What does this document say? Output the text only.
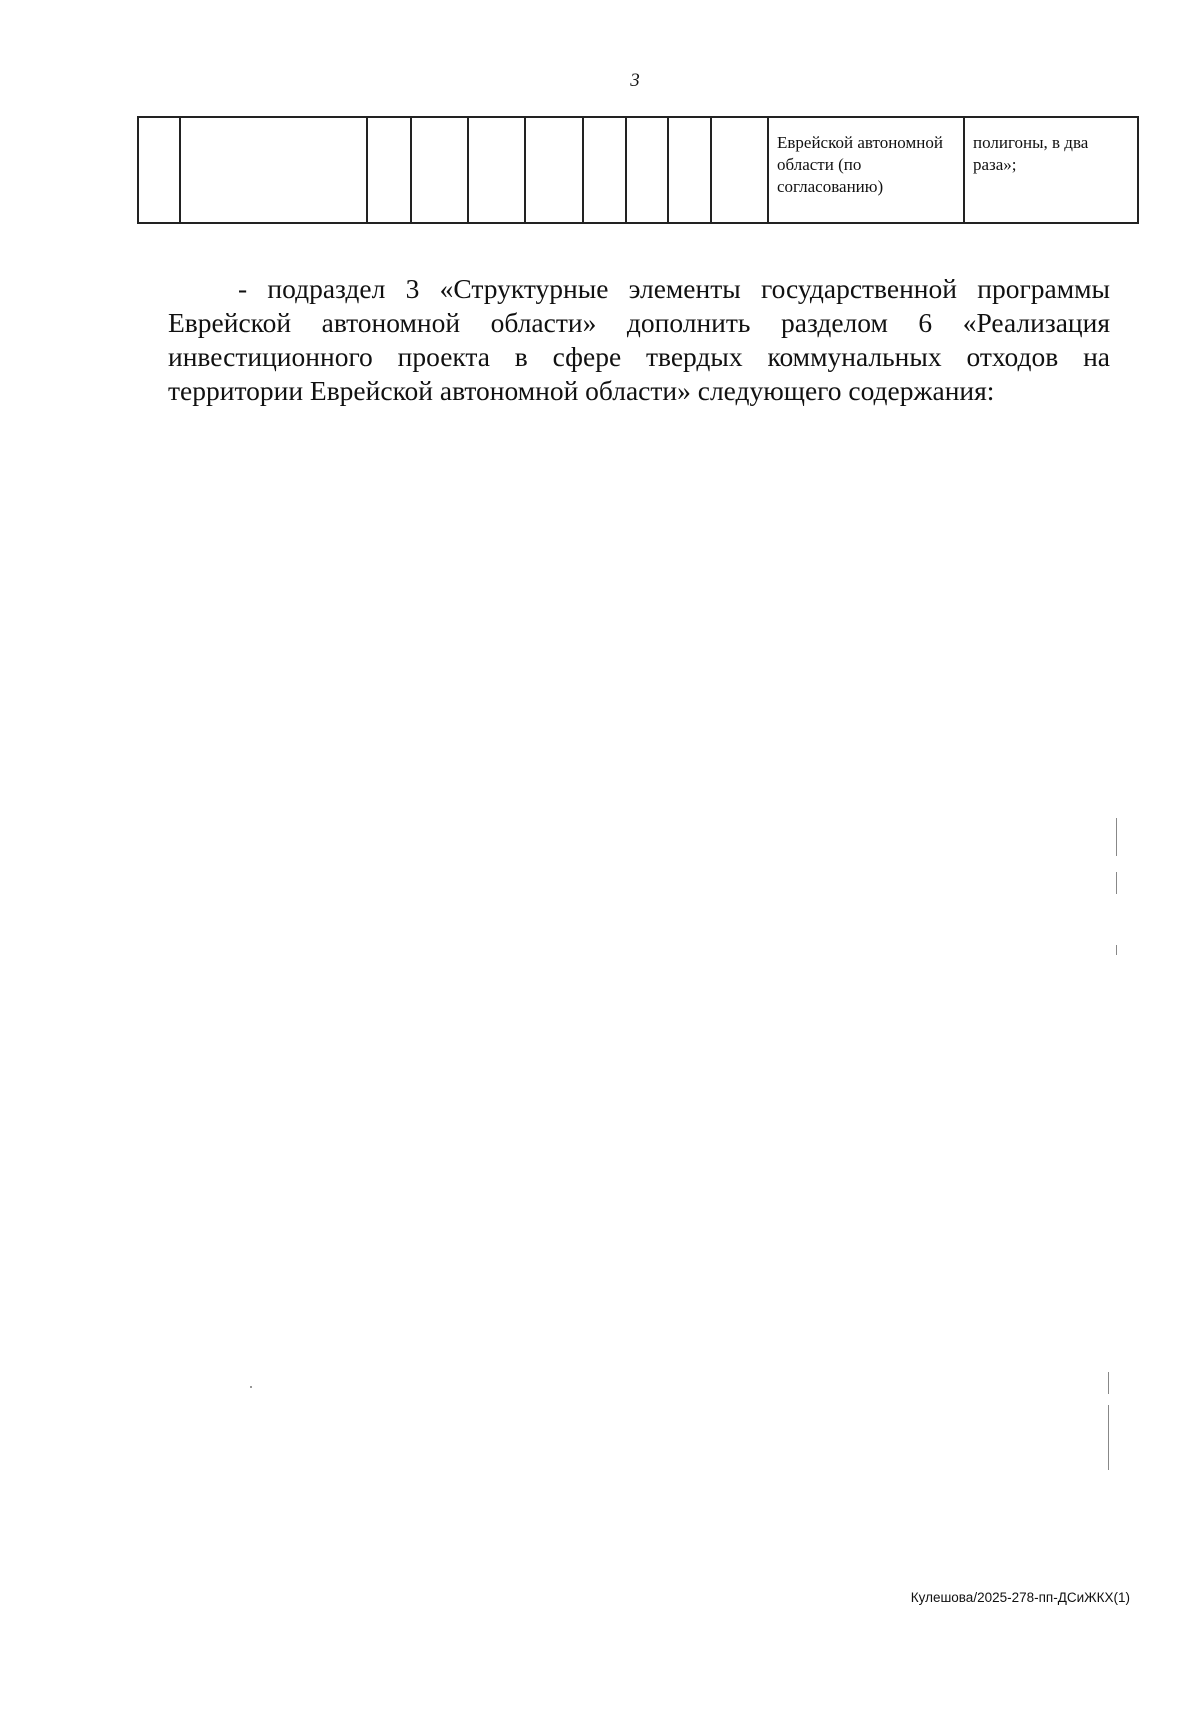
3
										Еврейской автономной области (по согласованию)	полигоны, в два раза»;

- подраздел 3 «Структурные элементы государственной программы Еврейской автономной области» дополнить разделом 6 «Реализация инвестиционного проекта в сфере твердых коммунальных отходов на территории Еврейской автономной области» следующего содержания:

Кулешова/2025-278-пп-ДСиЖКХ(1)
